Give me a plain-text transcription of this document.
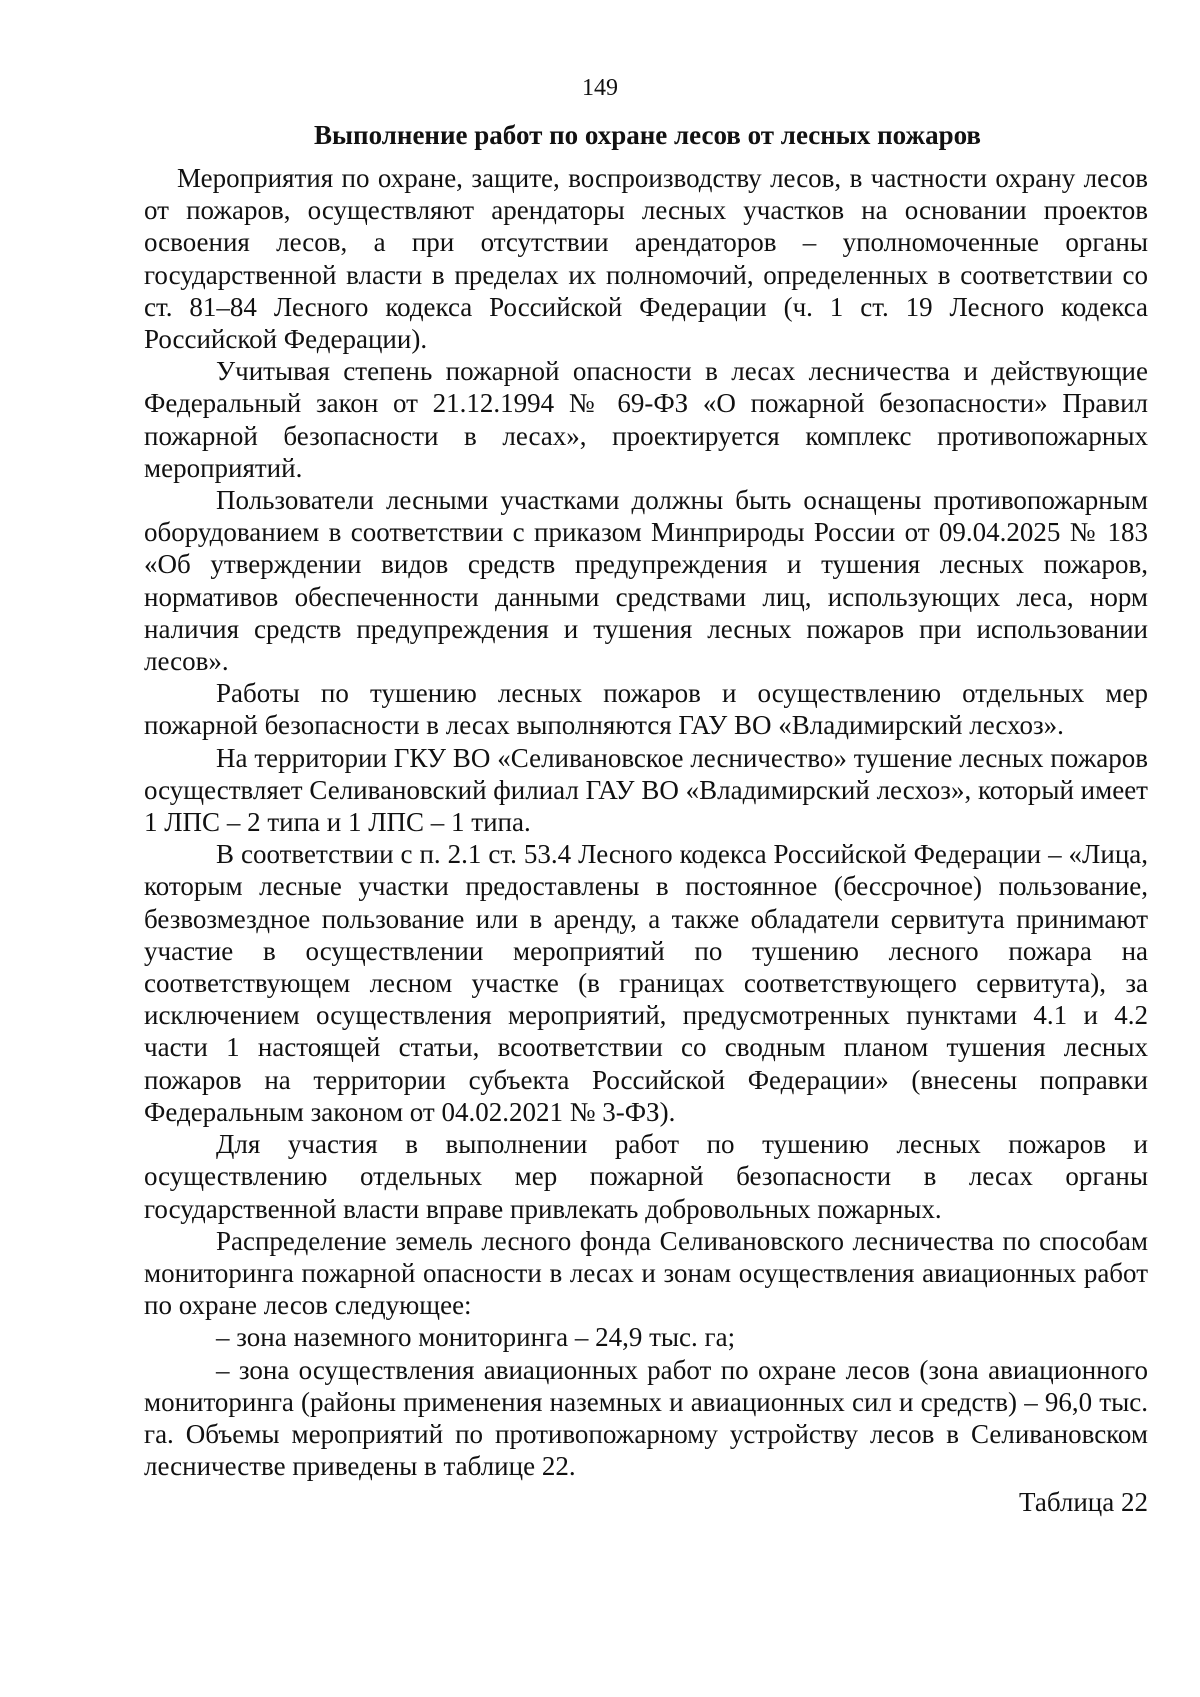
149
Выполнение работ по охране лесов от лесных пожаров

Мероприятия по охране, защите, воспроизводству лесов, в частности охрану лесов от пожаров, осуществляют арендаторы лесных участков на основании проектов освоения лесов, а при отсутствии арендаторов – уполномоченные органы государственной власти в пределах их полномочий, определенных в соответствии со ст. 81–84 Лесного кодекса Российской Федерации (ч. 1 ст. 19 Лесного кодекса Российской Федерации).

Учитывая степень пожарной опасности в лесах лесничества и действующие Федеральный закон от 21.12.1994 № 69-ФЗ «О пожарной безопасности» Правил пожарной безопасности в лесах», проектируется комплекс противопожарных мероприятий.

Пользователи лесными участками должны быть оснащены противопожарным оборудованием в соответствии с приказом Минприроды России от 09.04.2025 № 183 «Об утверждении видов средств предупреждения и тушения лесных пожаров, нормативов обеспеченности данными средствами лиц, использующих леса, норм наличия средств предупреждения и тушения лесных пожаров при использовании лесов».

Работы по тушению лесных пожаров и осуществлению отдельных мер пожарной безопасности в лесах выполняются ГАУ ВО «Владимирский лесхоз».

На территории ГКУ ВО «Селивановское лесничество» тушение лесных пожаров осуществляет Селивановский филиал ГАУ ВО «Владимирский лесхоз», который имеет 1 ЛПС – 2 типа и 1 ЛПС – 1 типа.

В соответствии с п. 2.1 ст. 53.4 Лесного кодекса Российской Федерации – «Лица, которым лесные участки предоставлены в постоянное (бессрочное) пользование, безвозмездное пользование или в аренду, а также обладатели сервитута принимают участие в осуществлении мероприятий по тушению лесного пожара на соответствующем лесном участке (в границах соответствующего сервитута), за исключением осуществления мероприятий, предусмотренных пунктами 4.1 и 4.2 части 1 настоящей статьи, всоответствии со сводным планом тушения лесных пожаров на территории субъекта Российской Федерации» (внесены поправки Федеральным законом от 04.02.2021 № 3-ФЗ).

Для участия в выполнении работ по тушению лесных пожаров и осуществлению отдельных мер пожарной безопасности в лесах органы государственной власти вправе привлекать добровольных пожарных.

Распределение земель лесного фонда Селивановского лесничества по способам мониторинга пожарной опасности в лесах и зонам осуществления авиационных работ по охране лесов следующее:

– зона наземного мониторинга – 24,9 тыс. га;

– зона осуществления авиационных работ по охране лесов (зона авиационного мониторинга (районы применения наземных и авиационных сил и средств) – 96,0 тыс. га. Объемы мероприятий по противопожарному устройству лесов в Селивановском лесничестве приведены в таблице 22.

Таблица 22
